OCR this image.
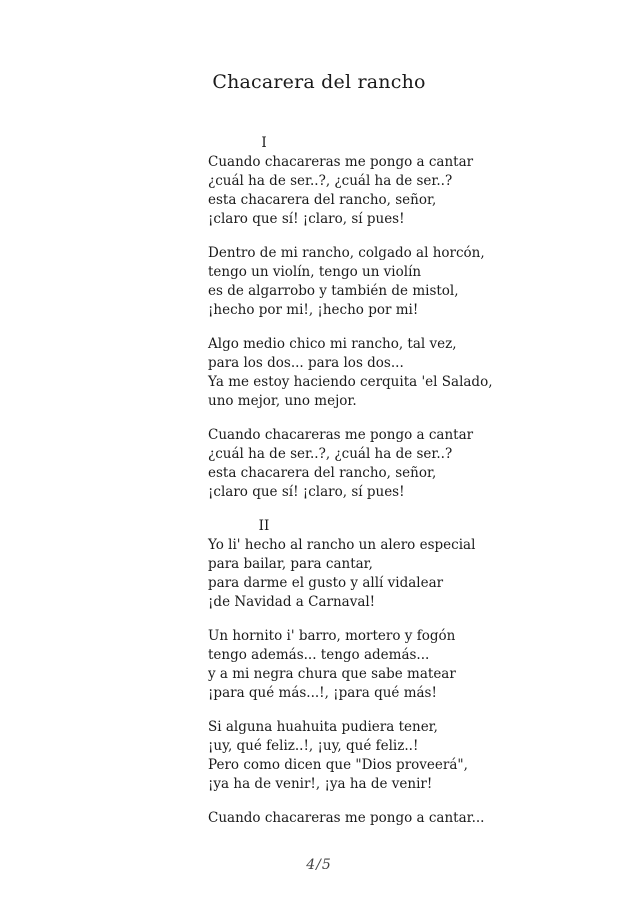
Chacarera del rancho
I

Cuando chacareras me pongo a cantar
¿cuál ha de ser..?, ¿cuál ha de ser..?
esta chacarera del rancho, señor,
¡claro que sí! ¡claro, sí pues!

Dentro de mi rancho, colgado al horcón,
tengo un violín, tengo un violín
es de algarrobo y también de mistol,
¡hecho por mi!, ¡hecho por mi!

Algo medio chico mi rancho, tal vez,
para los dos... para los dos...
Ya me estoy haciendo cerquita 'el Salado,
uno mejor, uno mejor.

Cuando chacareras me pongo a cantar
¿cuál ha de ser..?, ¿cuál ha de ser..?
esta chacarera del rancho, señor,
¡claro que sí! ¡claro, sí pues!

II

Yo li' hecho al rancho un alero especial
para bailar, para cantar,
para darme el gusto y allí vidalear
¡de Navidad a Carnaval!

Un hornito i' barro, mortero y fogón
tengo además... tengo además...
y a mi negra chura que sabe matear
¡para qué más...!, ¡para qué más!

Si alguna huahuita pudiera tener,
¡uy, qué feliz..!, ¡uy, qué feliz..!
Pero como dicen que "Dios proveerá",
¡ya ha de venir!, ¡ya ha de venir!

Cuando chacareras me pongo a cantar...

4/5
